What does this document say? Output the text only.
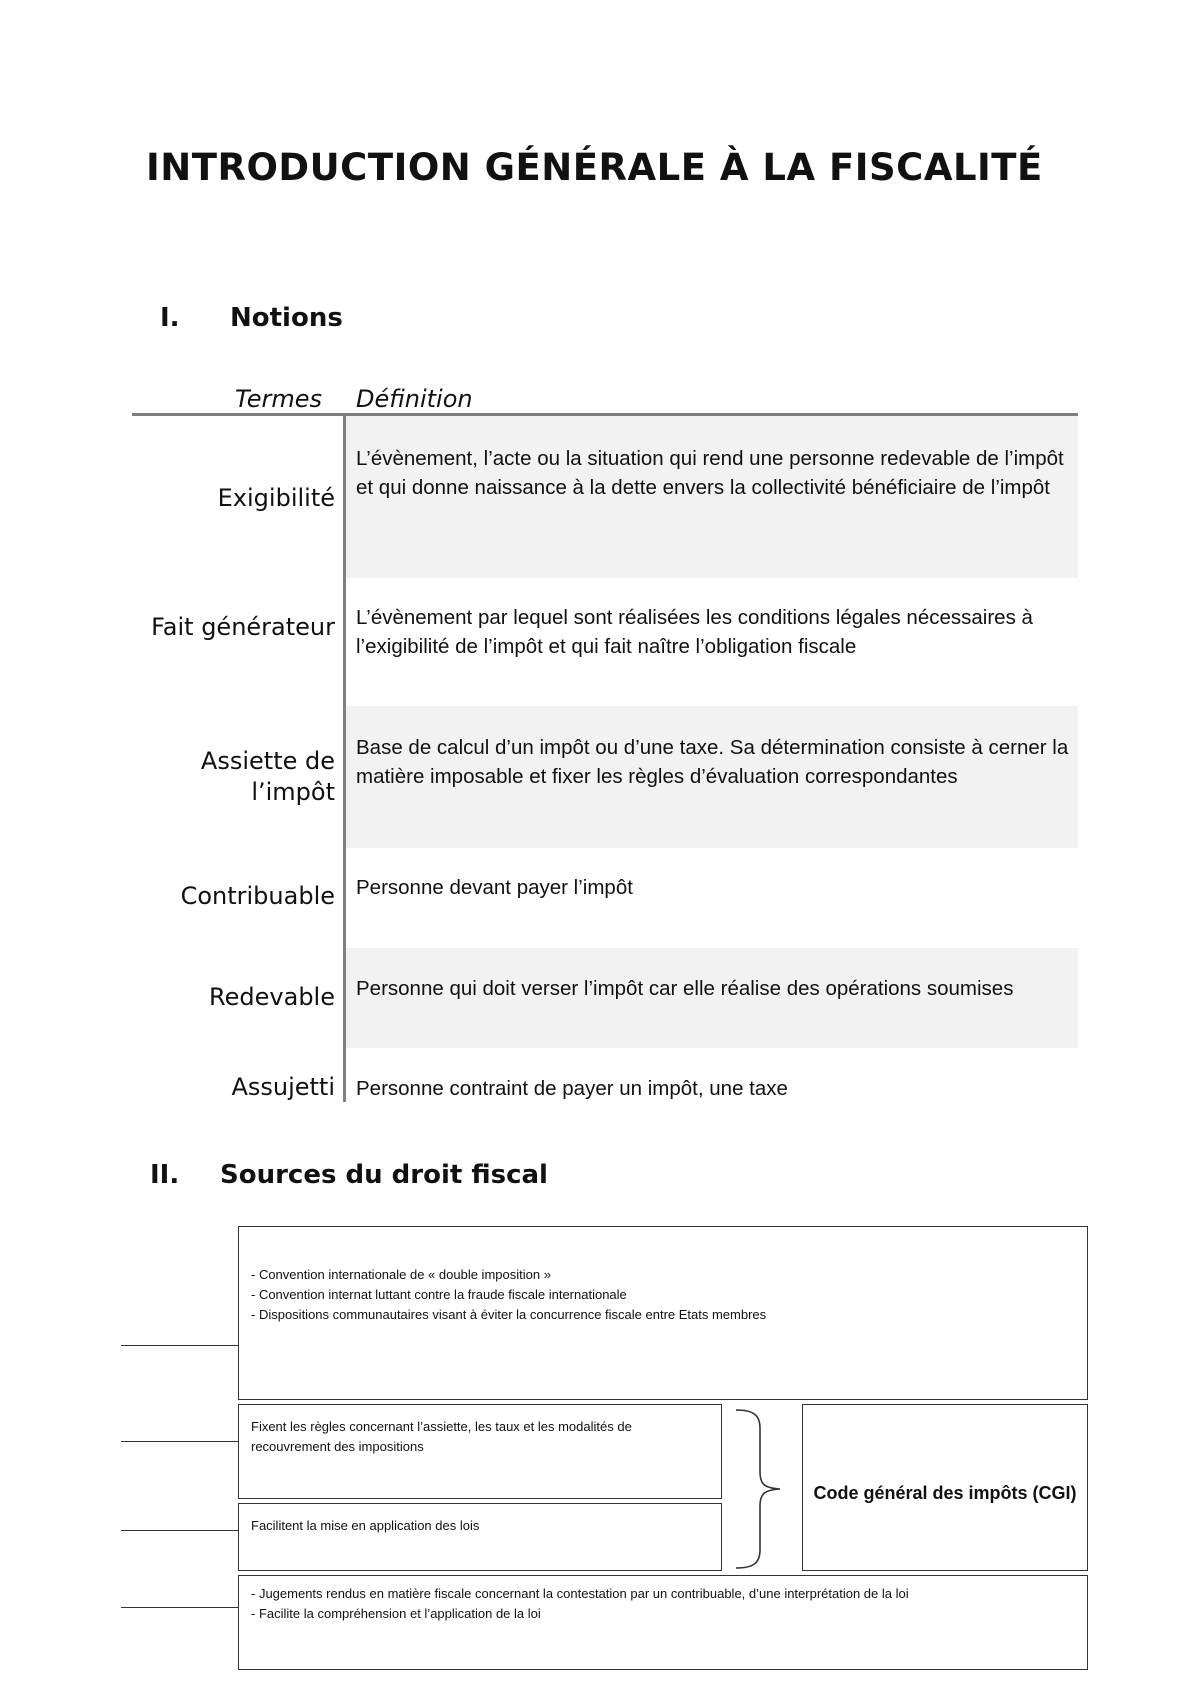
INTRODUCTION GÉNÉRALE À LA FISCALITÉ
I. Notions
Termes Définition
Exigibilité
L’évènement, l’acte ou la situation qui rend une personne redevable de l’impôt et qui donne naissance à la dette envers la collectivité bénéficiaire de l’impôt
Fait générateur L’évènement par lequel sont réalisées les conditions légales nécessaires à l’exigibilité de l’impôt et qui fait naître l’obligation fiscale
Assiette de l’impôt
Base de calcul d’un impôt ou d’une taxe. Sa détermination consiste à cerner la matière imposable et fixer les règles d’évaluation correspondantes
Contribuable Personne devant payer l’impôt
Redevable Personne qui doit verser l’impôt car elle réalise des opérations soumises
Assujetti Personne contraint de payer un impôt, une taxe
II. Sources du droit fiscal
- Convention internationale de « double imposition »
- Convention internat luttant contre la fraude fiscale internationale
- Dispositions communautaires visant à éviter la concurrence fiscale entre Etats membres
Fixent les règles concernant l’assiette, les taux et les modalités de
recouvrement des impositions
Facilitent la mise en application des lois
Code général des impôts (CGI)
- Jugements rendus en matière fiscale concernant la contestation par un contribuable, d’une interprétation de la loi
- Facilite la compréhension et l’application de la loi
